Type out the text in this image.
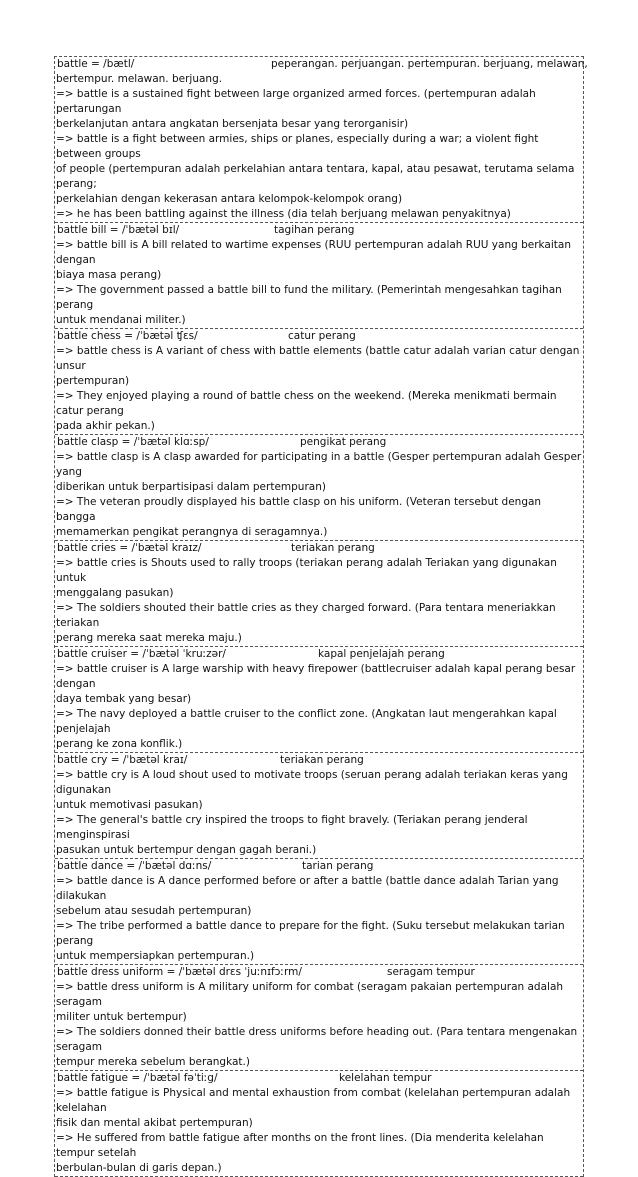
battle = /bætl/	peperangan. perjuangan. pertempuran. berjuang, melawan,
bertempur. melawan. berjuang.
=> battle is a sustained fight between large organized armed forces. (pertempuran adalah pertarungan
berkelanjutan antara angkatan bersenjata besar yang terorganisir)
=> battle is a fight between armies, ships or planes, especially during a war; a violent fight between groups
of people (pertempuran adalah perkelahian antara tentara, kapal, atau pesawat, terutama selama perang;
perkelahian dengan kekerasan antara kelompok-kelompok orang)
=> he has been battling against the illness (dia telah berjuang melawan penyakitnya)
battle bill = /ˈbætəl bɪl/	tagihan perang
=> battle bill is A bill related to wartime expenses (RUU pertempuran adalah RUU yang berkaitan dengan
biaya masa perang)
=> The government passed a battle bill to fund the military. (Pemerintah mengesahkan tagihan perang
untuk mendanai militer.)
battle chess = /ˈbætəl ʧɛs/	catur perang
=> battle chess is A variant of chess with battle elements (battle catur adalah varian catur dengan unsur
pertempuran)
=> They enjoyed playing a round of battle chess on the weekend. (Mereka menikmati bermain catur perang
pada akhir pekan.)
battle clasp = /ˈbætəl klɑːsp/	pengikat perang
=> battle clasp is A clasp awarded for participating in a battle (Gesper pertempuran adalah Gesper yang
diberikan untuk berpartisipasi dalam pertempuran)
=> The veteran proudly displayed his battle clasp on his uniform. (Veteran tersebut dengan bangga
memamerkan pengikat perangnya di seragamnya.)
battle cries = /ˈbætəl kraɪz/	teriakan perang
=> battle cries is Shouts used to rally troops (teriakan perang adalah Teriakan yang digunakan untuk
menggalang pasukan)
=> The soldiers shouted their battle cries as they charged forward. (Para tentara meneriakkan teriakan
perang mereka saat mereka maju.)
battle cruiser = /ˈbætəl ˈkruːzər/	kapal penjelajah perang
=> battle cruiser is A large warship with heavy firepower (battlecruiser adalah kapal perang besar dengan
daya tembak yang besar)
=> The navy deployed a battle cruiser to the conflict zone. (Angkatan laut mengerahkan kapal penjelajah
perang ke zona konflik.)
battle cry = /ˈbætəl kraɪ/	teriakan perang
=> battle cry is A loud shout used to motivate troops (seruan perang adalah teriakan keras yang digunakan
untuk memotivasi pasukan)
=> The general's battle cry inspired the troops to fight bravely. (Teriakan perang jenderal menginspirasi
pasukan untuk bertempur dengan gagah berani.)
battle dance = /ˈbætəl dɑːns/	tarian perang
=> battle dance is A dance performed before or after a battle (battle dance adalah Tarian yang dilakukan
sebelum atau sesudah pertempuran)
=> The tribe performed a battle dance to prepare for the fight. (Suku tersebut melakukan tarian perang
untuk mempersiapkan pertempuran.)
battle dress uniform = /ˈbætəl drɛs ˈjuːnɪfɔːrm/	seragam tempur
=> battle dress uniform is A military uniform for combat (seragam pakaian pertempuran adalah seragam
militer untuk bertempur)
=> The soldiers donned their battle dress uniforms before heading out. (Para tentara mengenakan seragam
tempur mereka sebelum berangkat.)
battle fatigue = /ˈbætəl fəˈtiːg/	kelelahan tempur
=> battle fatigue is Physical and mental exhaustion from combat (kelelahan pertempuran adalah kelelahan
fisik dan mental akibat pertempuran)
=> He suffered from battle fatigue after months on the front lines. (Dia menderita kelelahan tempur setelah
berbulan-bulan di garis depan.)
